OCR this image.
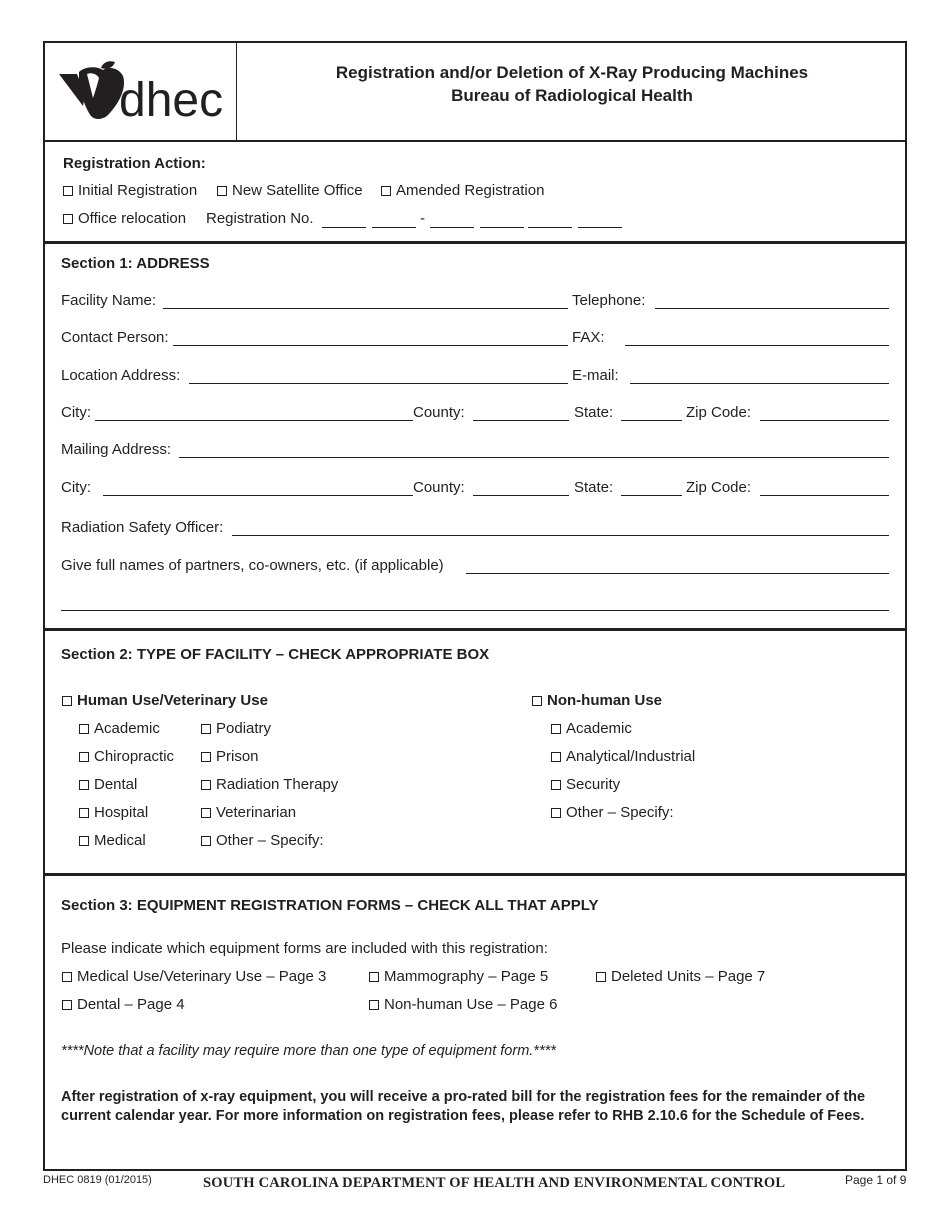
dhec
Registration and/or Deletion of X-Ray Producing Machines
Bureau of Radiological Health
Registration Action:
Initial Registration	New Satellite Office	Amended Registration
Office relocation Registration No.	-
Section 1: ADDRESS
Facility Name:	Telephone:
Contact Person:	FAX:
Location Address:	E-mail:
City:	County:	State:	Zip Code:
Mailing Address:
City:	County:	State:	Zip Code:
Radiation Safety Officer:
Give full names of partners, co-owners, etc. (if applicable)
Section 2: TYPE OF FACILITY – CHECK APPROPRIATE BOX
Human Use/Veterinary Use
Academic
Chiropractic
Dental
Hospital
Medical
Podiatry
Prison
Radiation Therapy
Veterinarian
Other – Specify:
Non-human Use
Academic
Analytical/Industrial
Security
Other – Specify:
Section 3: EQUIPMENT REGISTRATION FORMS – CHECK ALL THAT APPLY
Please indicate which equipment forms are included with this registration:
Medical Use/Veterinary Use – Page 3	Mammography – Page 5	Deleted Units – Page 7
Dental – Page 4	Non-human Use – Page 6
****Note that a facility may require more than one type of equipment form.****
After registration of x-ray equipment, you will receive a pro-rated bill for the registration fees for the remainder of the current calendar year. For more information on registration fees, please refer to RHB 2.10.6 for the Schedule of Fees.
DHEC 0819 (01/2015)	SOUTH CAROLINA DEPARTMENT OF HEALTH AND ENVIRONMENTAL CONTROL	Page 1 of 9
